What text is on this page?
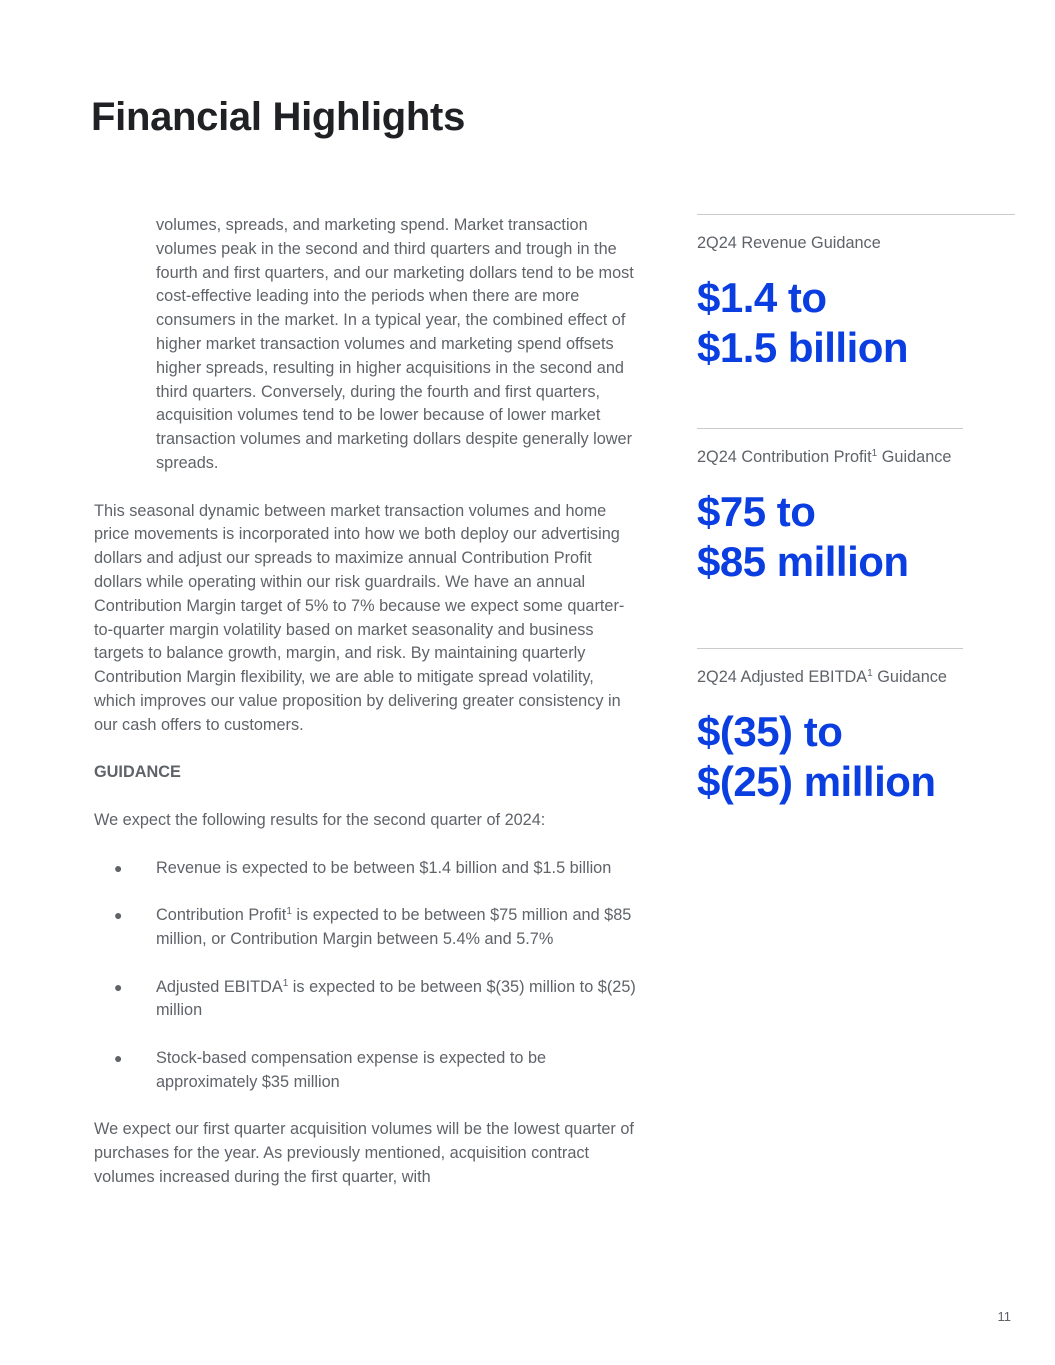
Financial Highlights

volumes, spreads, and marketing spend. Market transaction volumes peak in the second and third quarters and trough in the fourth and first quarters, and our marketing dollars tend to be most cost-effective leading into the periods when there are more consumers in the market. In a typical year, the combined effect of higher market transaction volumes and marketing spend offsets higher spreads, resulting in higher acquisitions in the second and third quarters. Conversely, during the fourth and first quarters, acquisition volumes tend to be lower because of lower market transaction volumes and marketing dollars despite generally lower spreads.

This seasonal dynamic between market transaction volumes and home price movements is incorporated into how we both deploy our advertising dollars and adjust our spreads to maximize annual Contribution Profit dollars while operating within our risk guardrails. We have an annual Contribution Margin target of 5% to 7% because we expect some quarter-to-quarter margin volatility based on market seasonality and business targets to balance growth, margin, and risk. By maintaining quarterly Contribution Margin flexibility, we are able to mitigate spread volatility, which improves our value proposition by delivering greater consistency in our cash offers to customers.

GUIDANCE

We expect the following results for the second quarter of 2024:

● Revenue is expected to be between $1.4 billion and $1.5 billion
● Contribution Profit$^1$ is expected to be between $75 million and $85 million, or Contribution Margin between 5.4% and 5.7%
● Adjusted EBITDA$^1$ is expected to be between $(35) million to $(25) million
● Stock-based compensation expense is expected to be approximately $35 million

We expect our first quarter acquisition volumes will be the lowest quarter of purchases for the year. As previously mentioned, acquisition contract volumes increased during the first quarter, with

2Q24 Revenue Guidance
$1.4 to
$1.5 billion
2Q24 Contribution Profit$^1$ Guidance
$75 to
$85 million
2Q24 Adjusted EBITDA$^1$ Guidance
$(35) to
$(25) million
11
